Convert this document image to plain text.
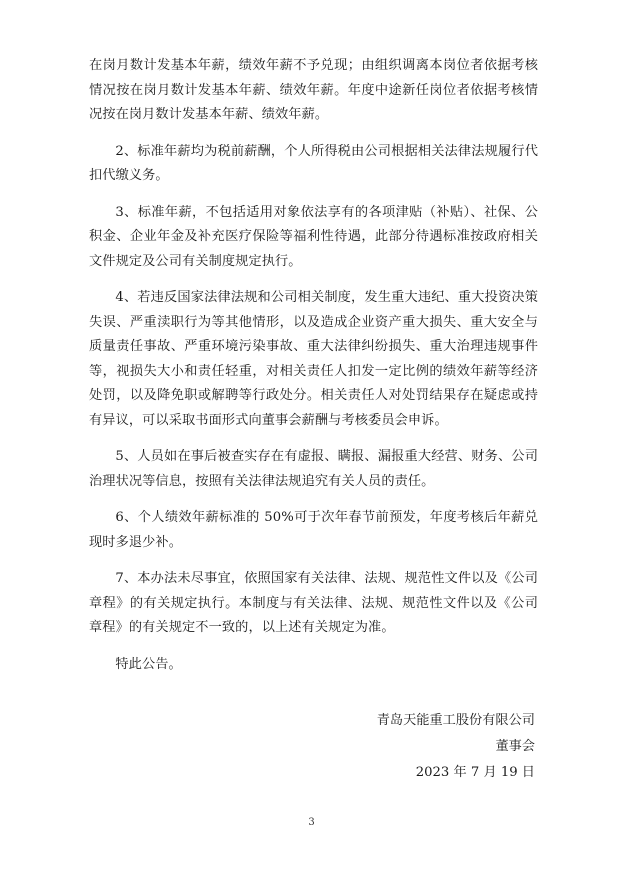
在岗月数计发基本年薪，绩效年薪不予兑现；由组织调离本岗位者依据考核情况按在岗月数计发基本年薪、绩效年薪。年度中途新任岗位者依据考核情况按在岗月数计发基本年薪、绩效年薪。

2、标准年薪均为税前薪酬，个人所得税由公司根据相关法律法规履行代扣代缴义务。

3、标准年薪，不包括适用对象依法享有的各项津贴（补贴）、社保、公积金、企业年金及补充医疗保险等福利性待遇，此部分待遇标准按政府相关文件规定及公司有关制度规定执行。

4、若违反国家法律法规和公司相关制度，发生重大违纪、重大投资决策失误、严重渎职行为等其他情形，以及造成企业资产重大损失、重大安全与质量责任事故、严重环境污染事故、重大法律纠纷损失、重大治理违规事件等，视损失大小和责任轻重，对相关责任人扣发一定比例的绩效年薪等经济处罚，以及降免职或解聘等行政处分。相关责任人对处罚结果存在疑虑或持有异议，可以采取书面形式向董事会薪酬与考核委员会申诉。

5、人员如在事后被查实存在有虚报、瞒报、漏报重大经营、财务、公司治理状况等信息，按照有关法律法规追究有关人员的责任。

6、个人绩效年薪标准的 50%可于次年春节前预发，年度考核后年薪兑现时多退少补。

7、本办法未尽事宜，依照国家有关法律、法规、规范性文件以及《公司章程》的有关规定执行。本制度与有关法律、法规、规范性文件以及《公司章程》的有关规定不一致的，以上述有关规定为准。

特此公告。

青岛天能重工股份有限公司
董事会
2023 年 7 月 19 日
3
